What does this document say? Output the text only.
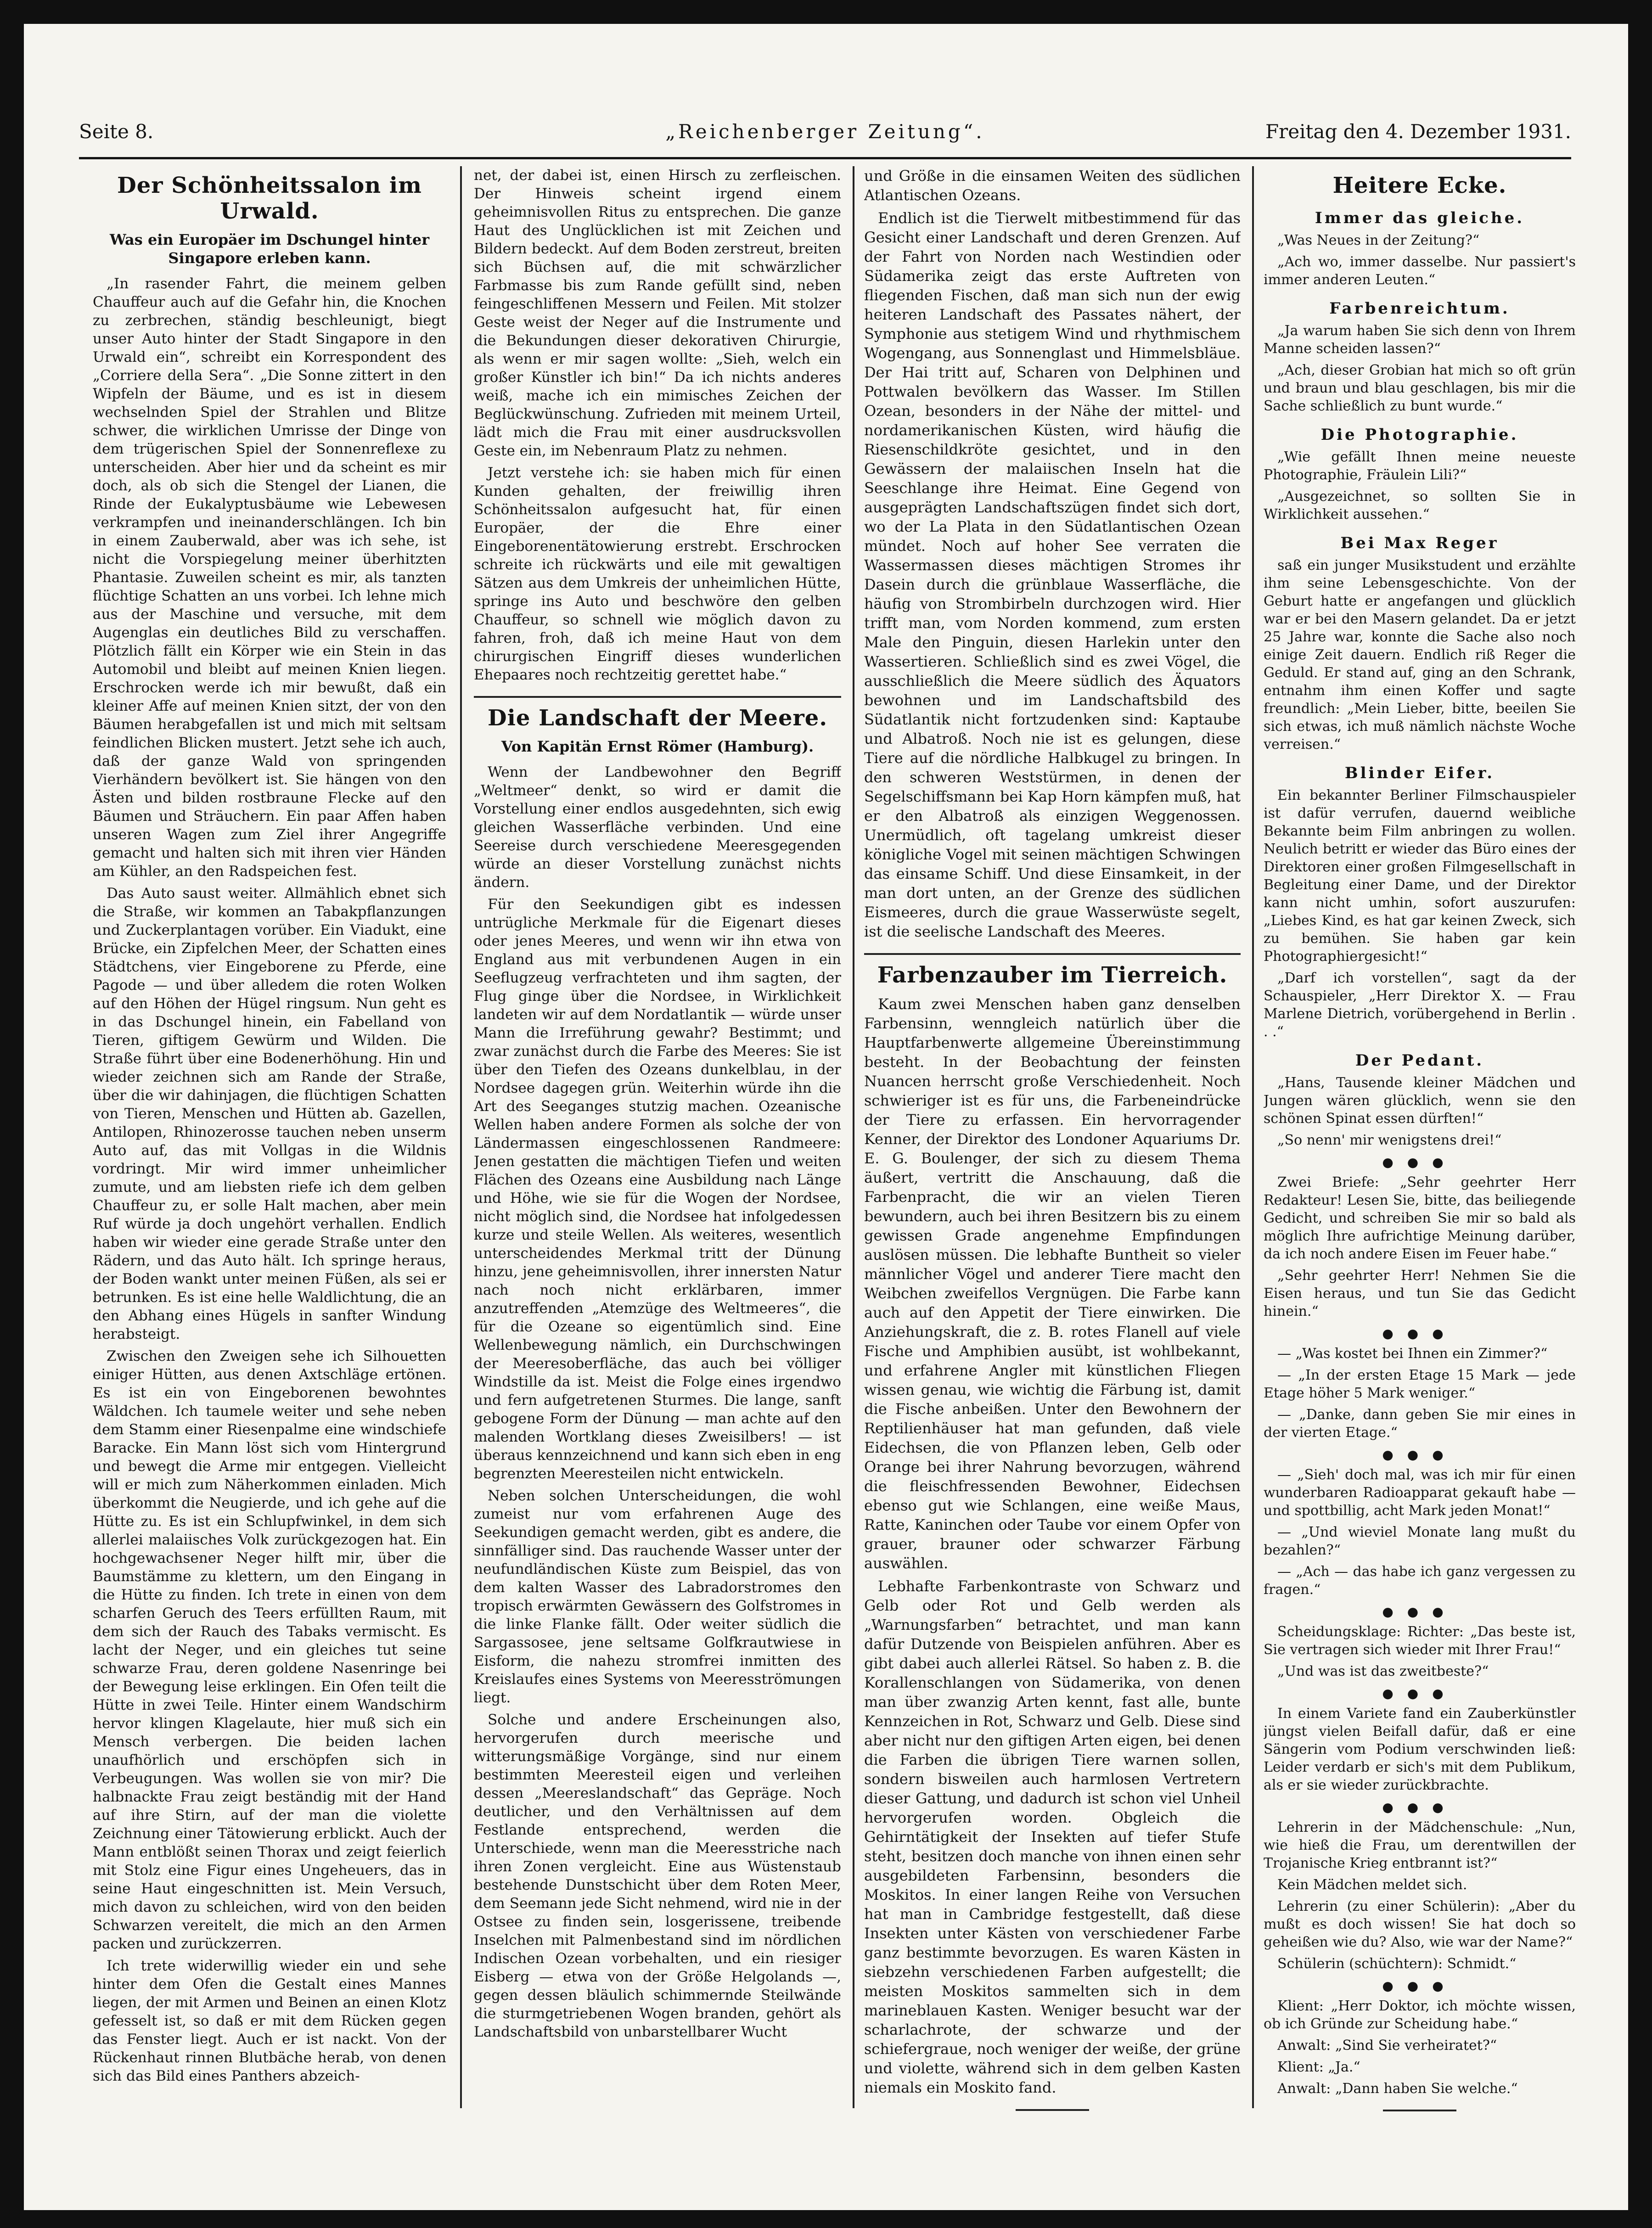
Seite 8.	„Reichenberger Zeitung“.	Freitag den 4. Dezember 1931.
Der Schönheitssalon im Urwald.
Was ein Europäer im Dschungel hinter Singapore erleben kann.

„In rasender Fahrt, die meinem gelben Chauffeur auch auf die Gefahr hin, die Knochen zu zerbrechen, ständig beschleunigt, biegt unser Auto hinter der Stadt Singapore in den Urwald ein“, schreibt ein Korrespondent des „Corriere della Sera“. „Die Sonne zittert in den Wipfeln der Bäume, und es ist in diesem wechselnden Spiel der Strahlen und Blitze schwer, die wirklichen Umrisse der Dinge von dem trügerischen Spiel der Sonnenreflexe zu unterscheiden. Aber hier und da scheint es mir doch, als ob sich die Stengel der Lianen, die Rinde der Eukalyptusbäume wie Lebewesen verkrampfen und ineinanderschlängen. Ich bin in einem Zauberwald, aber was ich sehe, ist nicht die Vorspiegelung meiner überhitzten Phantasie. Zuweilen scheint es mir, als tanzten flüchtige Schatten an uns vorbei. Ich lehne mich aus der Maschine und versuche, mit dem Augenglas ein deutliches Bild zu verschaffen. Plötzlich fällt ein Körper wie ein Stein in das Automobil und bleibt auf meinen Knien liegen. Erschrocken werde ich mir bewußt, daß ein kleiner Affe auf meinen Knien sitzt, der von den Bäumen herabgefallen ist und mich mit seltsam feindlichen Blicken mustert. Jetzt sehe ich auch, daß der ganze Wald von springenden Vierhändern bevölkert ist. Sie hängen von den Ästen und bilden rostbraune Flecke auf den Bäumen und Sträuchern. Ein paar Affen haben unseren Wagen zum Ziel ihrer Angegriffe gemacht und halten sich mit ihren vier Händen am Kühler, an den Radspeichen fest.

Das Auto saust weiter. Allmählich ebnet sich die Straße, wir kommen an Tabakpflanzungen und Zuckerplantagen vorüber. Ein Viadukt, eine Brücke, ein Zipfelchen Meer, der Schatten eines Städtchens, vier Eingeborene zu Pferde, eine Pagode — und über alledem die roten Wolken auf den Höhen der Hügel ringsum. Nun geht es in das Dschungel hinein, ein Fabelland von Tieren, giftigem Gewürm und Wilden. Die Straße führt über eine Bodenerhöhung. Hin und wieder zeichnen sich am Rande der Straße, über die wir dahinjagen, die flüchtigen Schatten von Tieren, Menschen und Hütten ab. Gazellen, Antilopen, Rhinozerosse tauchen neben unserm Auto auf, das mit Vollgas in die Wildnis vordringt. Mir wird immer unheimlicher zumute, und am liebsten riefe ich dem gelben Chauffeur zu, er solle Halt machen, aber mein Ruf würde ja doch ungehört verhallen. Endlich haben wir wieder eine gerade Straße unter den Rädern, und das Auto hält. Ich springe heraus, der Boden wankt unter meinen Füßen, als sei er betrunken. Es ist eine helle Waldlichtung, die an den Abhang eines Hügels in sanfter Windung herabsteigt.

Zwischen den Zweigen sehe ich Silhouetten einiger Hütten, aus denen Axtschläge ertönen. Es ist ein von Eingeborenen bewohntes Wäldchen. Ich taumele weiter und sehe neben dem Stamm einer Riesenpalme eine windschiefe Baracke. Ein Mann löst sich vom Hintergrund und bewegt die Arme mir entgegen. Vielleicht will er mich zum Näherkommen einladen. Mich überkommt die Neugierde, und ich gehe auf die Hütte zu. Es ist ein Schlupfwinkel, in dem sich allerlei malaiisches Volk zurückgezogen hat. Ein hochgewachsener Neger hilft mir, über die Baumstämme zu klettern, um den Eingang in die Hütte zu finden. Ich trete in einen von dem scharfen Geruch des Teers erfüllten Raum, mit dem sich der Rauch des Tabaks vermischt. Es lacht der Neger, und ein gleiches tut seine schwarze Frau, deren goldene Nasenringe bei der Bewegung leise erklingen. Ein Ofen teilt die Hütte in zwei Teile. Hinter einem Wandschirm hervor klingen Klagelaute, hier muß sich ein Mensch verbergen. Die beiden lachen unaufhörlich und erschöpfen sich in Verbeugungen. Was wollen sie von mir? Die halbnackte Frau zeigt beständig mit der Hand auf ihre Stirn, auf der man die violette Zeichnung einer Tätowierung erblickt. Auch der Mann entblößt seinen Thorax und zeigt feierlich mit Stolz eine Figur eines Ungeheuers, das in seine Haut eingeschnitten ist. Mein Versuch, mich davon zu schleichen, wird von den beiden Schwarzen vereitelt, die mich an den Armen packen und zurückzerren.

Ich trete widerwillig wieder ein und sehe hinter dem Ofen die Gestalt eines Mannes liegen, der mit Armen und Beinen an einen Klotz gefesselt ist, so daß er mit dem Rücken gegen das Fenster liegt. Auch er ist nackt. Von der Rückenhaut rinnen Blutbäche herab, von denen sich das Bild eines Panthers abzeich-

net, der dabei ist, einen Hirsch zu zerfleischen. Der Hinweis scheint irgend einem geheimnisvollen Ritus zu entsprechen. Die ganze Haut des Unglücklichen ist mit Zeichen und Bildern bedeckt. Auf dem Boden zerstreut, breiten sich Büchsen auf, die mit schwärzlicher Farbmasse bis zum Rande gefüllt sind, neben feingeschliffenen Messern und Feilen. Mit stolzer Geste weist der Neger auf die Instrumente und die Bekundungen dieser dekorativen Chirurgie, als wenn er mir sagen wollte: „Sieh, welch ein großer Künstler ich bin!“ Da ich nichts anderes weiß, mache ich ein mimisches Zeichen der Beglückwünschung. Zufrieden mit meinem Urteil, lädt mich die Frau mit einer ausdrucksvollen Geste ein, im Nebenraum Platz zu nehmen.

Jetzt verstehe ich: sie haben mich für einen Kunden gehalten, der freiwillig ihren Schönheitssalon aufgesucht hat, für einen Europäer, der die Ehre einer Eingeborenentätowierung erstrebt. Erschrocken schreite ich rückwärts und eile mit gewaltigen Sätzen aus dem Umkreis der unheimlichen Hütte, springe ins Auto und beschwöre den gelben Chauffeur, so schnell wie möglich davon zu fahren, froh, daß ich meine Haut von dem chirurgischen Eingriff dieses wunderlichen Ehepaares noch rechtzeitig gerettet habe.“

Die Landschaft der Meere.
Von Kapitän Ernst Römer (Hamburg).

Wenn der Landbewohner den Begriff „Weltmeer“ denkt, so wird er damit die Vorstellung einer endlos ausgedehnten, sich ewig gleichen Wasserfläche verbinden. Und eine Seereise durch verschiedene Meeresgegenden würde an dieser Vorstellung zunächst nichts ändern.

Für den Seekundigen gibt es indessen untrügliche Merkmale für die Eigenart dieses oder jenes Meeres, und wenn wir ihn etwa von England aus mit verbundenen Augen in ein Seeflugzeug verfrachteten und ihm sagten, der Flug ginge über die Nordsee, in Wirklichkeit landeten wir auf dem Nordatlantik — würde unser Mann die Irreführung gewahr? Bestimmt; und zwar zunächst durch die Farbe des Meeres: Sie ist über den Tiefen des Ozeans dunkelblau, in der Nordsee dagegen grün. Weiterhin würde ihn die Art des Seeganges stutzig machen. Ozeanische Wellen haben andere Formen als solche der von Ländermassen eingeschlossenen Randmeere: Jenen gestatten die mächtigen Tiefen und weiten Flächen des Ozeans eine Ausbildung nach Länge und Höhe, wie sie für die Wogen der Nordsee, nicht möglich sind, die Nordsee hat infolgedessen kurze und steile Wellen. Als weiteres, wesentlich unterscheidendes Merkmal tritt der Dünung hinzu, jene geheimnisvollen, ihrer innersten Natur nach noch nicht erklärbaren, immer anzutreffenden „Atemzüge des Weltmeeres“, die für die Ozeane so eigentümlich sind. Eine Wellenbewegung nämlich, ein Durchschwingen der Meeresoberfläche, das auch bei völliger Windstille da ist. Meist die Folge eines irgendwo und fern aufgetretenen Sturmes. Die lange, sanft gebogene Form der Dünung — man achte auf den malenden Wortklang dieses Zweisilbers! — ist überaus kennzeichnend und kann sich eben in eng begrenzten Meeresteilen nicht entwickeln.

Neben solchen Unterscheidungen, die wohl zumeist nur vom erfahrenen Auge des Seekundigen gemacht werden, gibt es andere, die sinnfälliger sind. Das rauchende Wasser unter der neufundländischen Küste zum Beispiel, das von dem kalten Wasser des Labradorstromes den tropisch erwärmten Gewässern des Golfstromes in die linke Flanke fällt. Oder weiter südlich die Sargassosee, jene seltsame Golfkrautwiese in Eisform, die nahezu stromfrei inmitten des Kreislaufes eines Systems von Meeresströmungen liegt.

Solche und andere Erscheinungen also, hervorgerufen durch meerische und witterungsmäßige Vorgänge, sind nur einem bestimmten Meeresteil eigen und verleihen dessen „Meereslandschaft“ das Gepräge. Noch deutlicher, und den Verhältnissen auf dem Festlande entsprechend, werden die Unterschiede, wenn man die Meeresstriche nach ihren Zonen vergleicht. Eine aus Wüstenstaub bestehende Dunstschicht über dem Roten Meer, dem Seemann jede Sicht nehmend, wird nie in der Ostsee zu finden sein, losgerissene, treibende Inselchen mit Palmenbestand sind im nördlichen Indischen Ozean vorbehalten, und ein riesiger Eisberg — etwa von der Größe Helgolands —, gegen dessen bläulich schimmernde Steilwände die sturmgetriebenen Wogen branden, gehört als Landschaftsbild von unbarstellbarer Wucht

und Größe in die einsamen Weiten des südlichen Atlantischen Ozeans.

Endlich ist die Tierwelt mitbestimmend für das Gesicht einer Landschaft und deren Grenzen. Auf der Fahrt von Norden nach Westindien oder Südamerika zeigt das erste Auftreten von fliegenden Fischen, daß man sich nun der ewig heiteren Landschaft des Passates nähert, der Symphonie aus stetigem Wind und rhythmischem Wogengang, aus Sonnenglast und Himmelsbläue. Der Hai tritt auf, Scharen von Delphinen und Pottwalen bevölkern das Wasser. Im Stillen Ozean, besonders in der Nähe der mittel- und nordamerikanischen Küsten, wird häufig die Riesenschildkröte gesichtet, und in den Gewässern der malaiischen Inseln hat die Seeschlange ihre Heimat. Eine Gegend von ausgeprägten Landschaftszügen findet sich dort, wo der La Plata in den Südatlantischen Ozean mündet. Noch auf hoher See verraten die Wassermassen dieses mächtigen Stromes ihr Dasein durch die grünblaue Wasserfläche, die häufig von Strombirbeln durchzogen wird. Hier trifft man, vom Norden kommend, zum ersten Male den Pinguin, diesen Harlekin unter den Wassertieren. Schließlich sind es zwei Vögel, die ausschließlich die Meere südlich des Äquators bewohnen und im Landschaftsbild des Südatlantik nicht fortzudenken sind: Kaptaube und Albatroß. Noch nie ist es gelungen, diese Tiere auf die nördliche Halbkugel zu bringen. In den schweren Weststürmen, in denen der Segelschiffsmann bei Kap Horn kämpfen muß, hat er den Albatroß als einzigen Weggenossen. Unermüdlich, oft tagelang umkreist dieser königliche Vogel mit seinen mächtigen Schwingen das einsame Schiff. Und diese Einsamkeit, in der man dort unten, an der Grenze des südlichen Eismeeres, durch die graue Wasserwüste segelt, ist die seelische Landschaft des Meeres.

Farbenzauber im Tierreich.

Kaum zwei Menschen haben ganz denselben Farbensinn, wenngleich natürlich über die Hauptfarbenwerte allgemeine Übereinstimmung besteht. In der Beobachtung der feinsten Nuancen herrscht große Verschiedenheit. Noch schwieriger ist es für uns, die Farbeneindrücke der Tiere zu erfassen. Ein hervorragender Kenner, der Direktor des Londoner Aquariums Dr. E. G. Boulenger, der sich zu diesem Thema äußert, vertritt die Anschauung, daß die Farbenpracht, die wir an vielen Tieren bewundern, auch bei ihren Besitzern bis zu einem gewissen Grade angenehme Empfindungen auslösen müssen. Die lebhafte Buntheit so vieler männlicher Vögel und anderer Tiere macht den Weibchen zweifellos Vergnügen. Die Farbe kann auch auf den Appetit der Tiere einwirken. Die Anziehungskraft, die z. B. rotes Flanell auf viele Fische und Amphibien ausübt, ist wohlbekannt, und erfahrene Angler mit künstlichen Fliegen wissen genau, wie wichtig die Färbung ist, damit die Fische anbeißen. Unter den Bewohnern der Reptilienhäuser hat man gefunden, daß viele Eidechsen, die von Pflanzen leben, Gelb oder Orange bei ihrer Nahrung bevorzugen, während die fleischfressenden Bewohner, Eidechsen ebenso gut wie Schlangen, eine weiße Maus, Ratte, Kaninchen oder Taube vor einem Opfer von grauer, brauner oder schwarzer Färbung auswählen.

Lebhafte Farbenkontraste von Schwarz und Gelb oder Rot und Gelb werden als „Warnungsfarben“ betrachtet, und man kann dafür Dutzende von Beispielen anführen. Aber es gibt dabei auch allerlei Rätsel. So haben z. B. die Korallenschlangen von Südamerika, von denen man über zwanzig Arten kennt, fast alle, bunte Kennzeichen in Rot, Schwarz und Gelb. Diese sind aber nicht nur den giftigen Arten eigen, bei denen die Farben die übrigen Tiere warnen sollen, sondern bisweilen auch harmlosen Vertretern dieser Gattung, und dadurch ist schon viel Unheil hervorgerufen worden. Obgleich die Gehirntätigkeit der Insekten auf tiefer Stufe steht, besitzen doch manche von ihnen einen sehr ausgebildeten Farbensinn, besonders die Moskitos. In einer langen Reihe von Versuchen hat man in Cambridge festgestellt, daß diese Insekten unter Kästen von verschiedener Farbe ganz bestimmte bevorzugen. Es waren Kästen in siebzehn verschiedenen Farben aufgestellt; die meisten Moskitos sammelten sich in dem marineblauen Kasten. Weniger besucht war der scharlachrote, der schwarze und der schiefergraue, noch weniger der weiße, der grüne und violette, während sich in dem gelben Kasten niemals ein Moskito fand.

Heitere Ecke.
Immer das gleiche.

„Was Neues in der Zeitung?“

„Ach wo, immer dasselbe. Nur passiert's immer anderen Leuten.“

Farbenreichtum.

„Ja warum haben Sie sich denn von Ihrem Manne scheiden lassen?“

„Ach, dieser Grobian hat mich so oft grün und braun und blau geschlagen, bis mir die Sache schließlich zu bunt wurde.“

Die Photographie.

„Wie gefällt Ihnen meine neueste Photographie, Fräulein Lili?“

„Ausgezeichnet, so sollten Sie in Wirklichkeit aussehen.“

Bei Max Reger

saß ein junger Musikstudent und erzählte ihm seine Lebensgeschichte. Von der Geburt hatte er angefangen und glücklich war er bei den Masern gelandet. Da er jetzt 25 Jahre war, konnte die Sache also noch einige Zeit dauern. Endlich riß Reger die Geduld. Er stand auf, ging an den Schrank, entnahm ihm einen Koffer und sagte freundlich: „Mein Lieber, bitte, beeilen Sie sich etwas, ich muß nämlich nächste Woche verreisen.“

Blinder Eifer.

Ein bekannter Berliner Filmschauspieler ist dafür verrufen, dauernd weibliche Bekannte beim Film anbringen zu wollen. Neulich betritt er wieder das Büro eines der Direktoren einer großen Filmgesellschaft in Begleitung einer Dame, und der Direktor kann nicht umhin, sofort auszurufen: „Liebes Kind, es hat gar keinen Zweck, sich zu bemühen. Sie haben gar kein Photographiergesicht!“

„Darf ich vorstellen“, sagt da der Schauspieler, „Herr Direktor X. — Frau Marlene Dietrich, vorübergehend in Berlin . . .“

Der Pedant.

„Hans, Tausende kleiner Mädchen und Jungen wären glücklich, wenn sie den schönen Spinat essen dürften!“

„So nenn' mir wenigstens drei!“

●●●

Zwei Briefe: „Sehr geehrter Herr Redakteur! Lesen Sie, bitte, das beiliegende Gedicht, und schreiben Sie mir so bald als möglich Ihre aufrichtige Meinung darüber, da ich noch andere Eisen im Feuer habe.“

„Sehr geehrter Herr! Nehmen Sie die Eisen heraus, und tun Sie das Gedicht hinein.“

●●●

— „Was kostet bei Ihnen ein Zimmer?“

— „In der ersten Etage 15 Mark — jede Etage höher 5 Mark weniger.“

— „Danke, dann geben Sie mir eines in der vierten Etage.“

●●●

— „Sieh' doch mal, was ich mir für einen wunderbaren Radioapparat gekauft habe — und spottbillig, acht Mark jeden Monat!“

— „Und wieviel Monate lang mußt du bezahlen?“

— „Ach — das habe ich ganz vergessen zu fragen.“

●●●

Scheidungsklage: Richter: „Das beste ist, Sie vertragen sich wieder mit Ihrer Frau!“

„Und was ist das zweitbeste?“

●●●

In einem Variete fand ein Zauberkünstler jüngst vielen Beifall dafür, daß er eine Sängerin vom Podium verschwinden ließ: Leider verdarb er sich's mit dem Publikum, als er sie wieder zurückbrachte.

●●●

Lehrerin in der Mädchenschule: „Nun, wie hieß die Frau, um derentwillen der Trojanische Krieg entbrannt ist?“

Kein Mädchen meldet sich.

Lehrerin (zu einer Schülerin): „Aber du mußt es doch wissen! Sie hat doch so geheißen wie du? Also, wie war der Name?“

Schülerin (schüchtern): Schmidt.“

●●●

Klient: „Herr Doktor, ich möchte wissen, ob ich Gründe zur Scheidung habe.“

Anwalt: „Sind Sie verheiratet?“

Klient: „Ja.“

Anwalt: „Dann haben Sie welche.“
